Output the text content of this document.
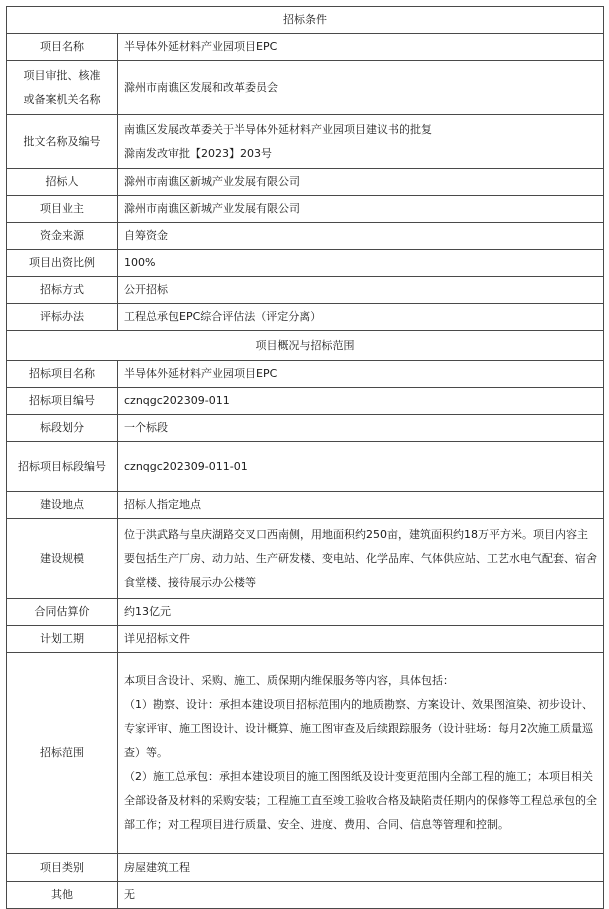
招标条件	
项目名称	半导体外延材料产业园项目EPC

项目审批、核准
或备案机关名称	滁州市南谯区发展和改革委员会
批文名称及编号	南谯区发展改革委关于半导体外延材料产业园项目建议书的批复
滁南发改审批【2023】203号

招标人	滁州市南谯区新城产业发展有限公司
项目业主	滁州市南谯区新城产业发展有限公司
资金来源	自筹资金
项目出资比例	100%
招标方式	公开招标
评标办法	工程总承包EPC综合评估法（评定分离）
项目概况与招标范围	
招标项目名称	半导体外延材料产业园项目EPC
招标项目编号	cznqgc202309-011
标段划分	一个标段
招标项目标段编号	cznqgc202309-011-01
建设地点	招标人指定地点
建设规模	位于洪武路与皇庆湖路交叉口西南侧，用地面积约250亩，建筑面积约18万平方米。项目内容主要包括生产厂房、动力站、生产研发楼、变电站、化学品库、气体供应站、工艺水电气配套、宿舍食堂楼、接待展示办公楼等
合同估算价	约13亿元
计划工期	详见招标文件
招标范围	本项目含设计、采购、施工、质保期内维保服务等内容，具体包括：
（1）勘察、设计：承担本建设项目招标范围内的地质勘察、方案设计、效果图渲染、初步设计、专家评审、施工图设计、设计概算、施工图审查及后续跟踪服务（设计驻场：每月2次施工质量巡查）等。
（2）施工总承包：承担本建设项目的施工图图纸及设计变更范围内全部工程的施工；本项目相关全部设备及材料的采购安装；工程施工直至竣工验收合格及缺陷责任期内的保修等工程总承包的全部工作；对工程项目进行质量、安全、进度、费用、合同、信息等管理和控制。

项目类别	房屋建筑工程
其他	无
